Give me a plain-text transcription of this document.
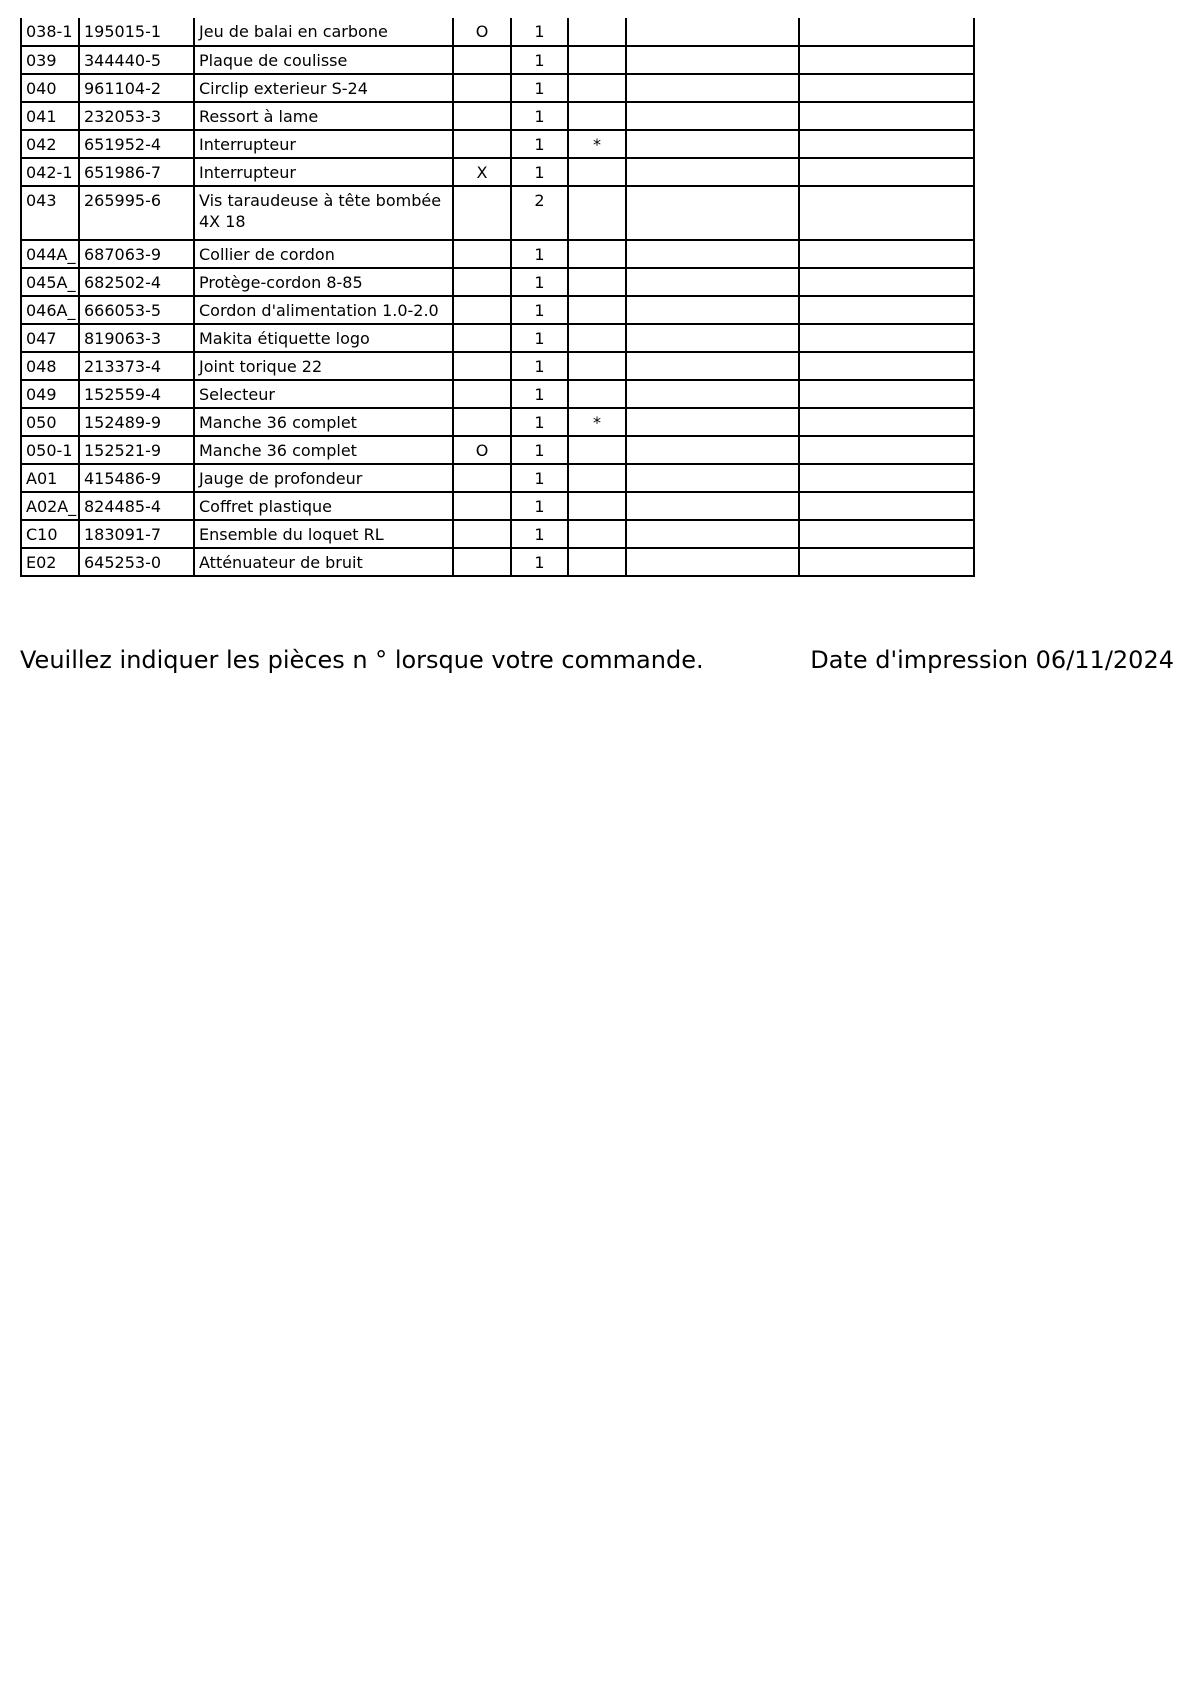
038-1	195015-1	Jeu de balai en carbone	O	1			
039	344440-5	Plaque de coulisse		1			
040	961104-2	Circlip exterieur S-24		1			
041	232053-3	Ressort à lame		1			
042	651952-4	Interrupteur		1	*		
042-1	651986-7	Interrupteur	X	1			
043	265995-6	Vis taraudeuse à tête bombée 4X 18		2			
044A_	687063-9	Collier de cordon		1			
045A_	682502-4	Protège-cordon 8-85		1			
046A_	666053-5	Cordon d'alimentation 1.0-2.0		1			
047	819063-3	Makita étiquette logo		1			
048	213373-4	Joint torique 22		1			
049	152559-4	Selecteur		1			
050	152489-9	Manche 36 complet		1	*		
050-1	152521-9	Manche 36 complet	O	1			
A01	415486-9	Jauge de profondeur		1			
A02A_	824485-4	Coffret plastique		1			
C10	183091-7	Ensemble du loquet RL		1			
E02	645253-0	Atténuateur de bruit		1			
Veuillez indiquer les pièces n ° lorsque votre commande.	Date d'impression 06/11/2024
